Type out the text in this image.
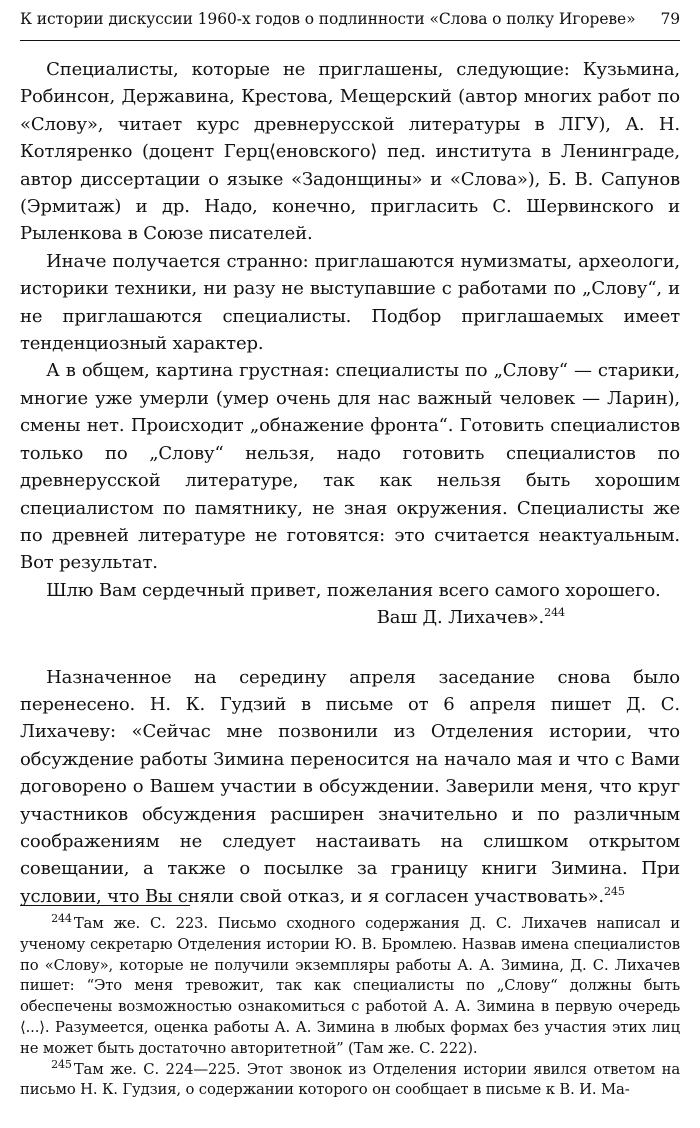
К истории дискуссии 1960-х годов о подлинности «Слова о полку Игореве» 79

Специалисты, которые не приглашены, следующие: Кузьмина, Робинсон, Державина, Крестова, Мещерский (автор многих работ по «Слову», читает курс древнерусской литературы в ЛГУ), А. Н. Котляренко (доцент Герц⟨еновского⟩ пед. института в Ленинграде, автор диссертации о языке «Задонщины» и «Слова»), Б. В. Сапунов (Эрмитаж) и др. Надо, конечно, пригласить С. Шервинского и Рыленкова в Союзе писателей.

Иначе получается странно: приглашаются нумизматы, археологи, историки техники, ни разу не выступавшие с работами по „Слову“, и не приглашаются специалисты. Подбор приглашаемых имеет тенденциозный характер.

А в общем, картина грустная: специалисты по „Слову“ — старики, многие уже умерли (умер очень для нас важный человек — Ларин), смены нет. Происходит „обнажение фронта“. Готовить специалистов только по „Слову“ нельзя, надо готовить специалистов по древнерусской литературе, так как нельзя быть хорошим специалистом по памятнику, не зная окружения. Специалисты же по древней литературе не готовятся: это считается неактуальным. Вот результат.

Шлю Вам сердечный привет, пожелания всего самого хорошего.

Ваш Д. Лихачев».$^{244}$

Назначенное на середину апреля заседание снова было перенесено. Н. К. Гудзий в письме от 6 апреля пишет Д. С. Лихачеву: «Сейчас мне позвонили из Отделения истории, что обсуждение работы Зимина переносится на начало мая и что с Вами договорено о Вашем участии в обсуждении. Заверили меня, что круг участников обсуждения расширен значительно и по различным соображениям не следует настаивать на слишком открытом совещании, а также о посылке за границу книги Зимина. При условии, что Вы сняли свой отказ, и я согласен участвовать».$^{245}$

$^{244}$ Там же. С. 223. Письмо сходного содержания Д. С. Лихачев написал и ученому секретарю Отделения истории Ю. В. Бромлею. Назвав имена специалистов по «Слову», которые не получили экземпляры работы А. А. Зимина, Д. С. Лихачев пишет: “Это меня тревожит, так как специалисты по „Слову“ должны быть обеспечены возможностью ознакомиться с работой А. А. Зимина в первую очередь ⟨...⟩. Разумеется, оценка работы А. А. Зимина в любых формах без участия этих лиц не может быть достаточно авторитетной” (Там же. С. 222).

$^{245}$ Там же. С. 224—225. Этот звонок из Отделения истории явился ответом на письмо Н. К. Гудзия, о содержании которого он сообщает в письме к В. И. Ма-
